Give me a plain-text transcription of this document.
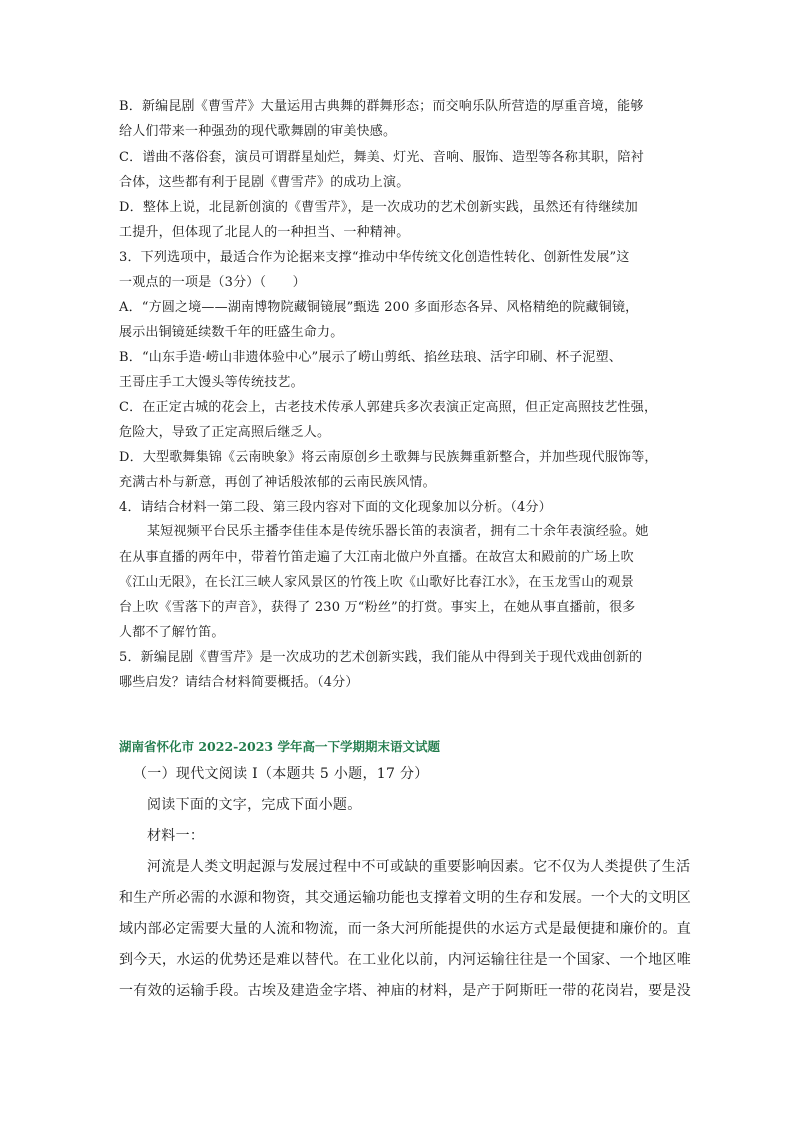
B．新编昆剧《曹雪芹》大量运用古典舞的群舞形态；而交响乐队所营造的厚重音境，能够
给人们带来一种强劲的现代歌舞剧的审美快感。
C．谱曲不落俗套，演员可谓群星灿烂，舞美、灯光、音响、服饰、造型等各称其职，陪衬
合体，这些都有利于昆剧《曹雪芹》的成功上演。
D．整体上说，北昆新创演的《曹雪芹》，是一次成功的艺术创新实践，虽然还有待继续加
工提升，但体现了北昆人的一种担当、一种精神。
3．下列选项中，最适合作为论据来支撑“推动中华传统文化创造性转化、创新性发展”这
一观点的一项是（3分）（　　）
A．“方圆之境——湖南博物院藏铜镜展”甄选 200 多面形态各异、风格精绝的院藏铜镜，
展示出铜镜延续数千年的旺盛生命力。
B．“山东手造·崂山非遗体验中心”展示了崂山剪纸、掐丝珐琅、活字印刷、杯子泥塑、
王哥庄手工大馒头等传统技艺。
C．在正定古城的花会上，古老技术传承人郭建兵多次表演正定高照，但正定高照技艺性强，
危险大，导致了正定高照后继乏人。
D．大型歌舞集锦《云南映象》将云南原创乡土歌舞与民族舞重新整合，并加些现代服饰等，
充满古朴与新意，再创了神话般浓郁的云南民族风情。
4．请结合材料一第二段、第三段内容对下面的文化现象加以分析。（4分）
某短视频平台民乐主播李佳佳本是传统乐器长笛的表演者，拥有二十余年表演经验。她
在从事直播的两年中，带着竹笛走遍了大江南北做户外直播。在故宫太和殿前的广场上吹
《江山无限》，在长江三峡人家风景区的竹筏上吹《山歌好比春江水》，在玉龙雪山的观景
台上吹《雪落下的声音》，获得了 230 万“粉丝”的打赏。事实上，在她从事直播前，很多
人都不了解竹笛。
5．新编昆剧《曹雪芹》是一次成功的艺术创新实践，我们能从中得到关于现代戏曲创新的
哪些启发？请结合材料简要概括。（4分）
湖南省怀化市 2022-2023 学年高一下学期期末语文试题
（一）现代文阅读 I（本题共 5 小题，17 分）
阅读下面的文字，完成下面小题。
材料一：
河流是人类文明起源与发展过程中不可或缺的重要影响因素。它不仅为人类提供了生活
和生产所必需的水源和物资，其交通运输功能也支撑着文明的生存和发展。一个大的文明区
域内部必定需要大量的人流和物流，而一条大河所能提供的水运方式是最便捷和廉价的。直
到今天，水运的优势还是难以替代。在工业化以前，内河运输往往是一个国家、一个地区唯
一有效的运输手段。古埃及建造金字塔、神庙的材料，是产于阿斯旺一带的花岗岩，要是没
